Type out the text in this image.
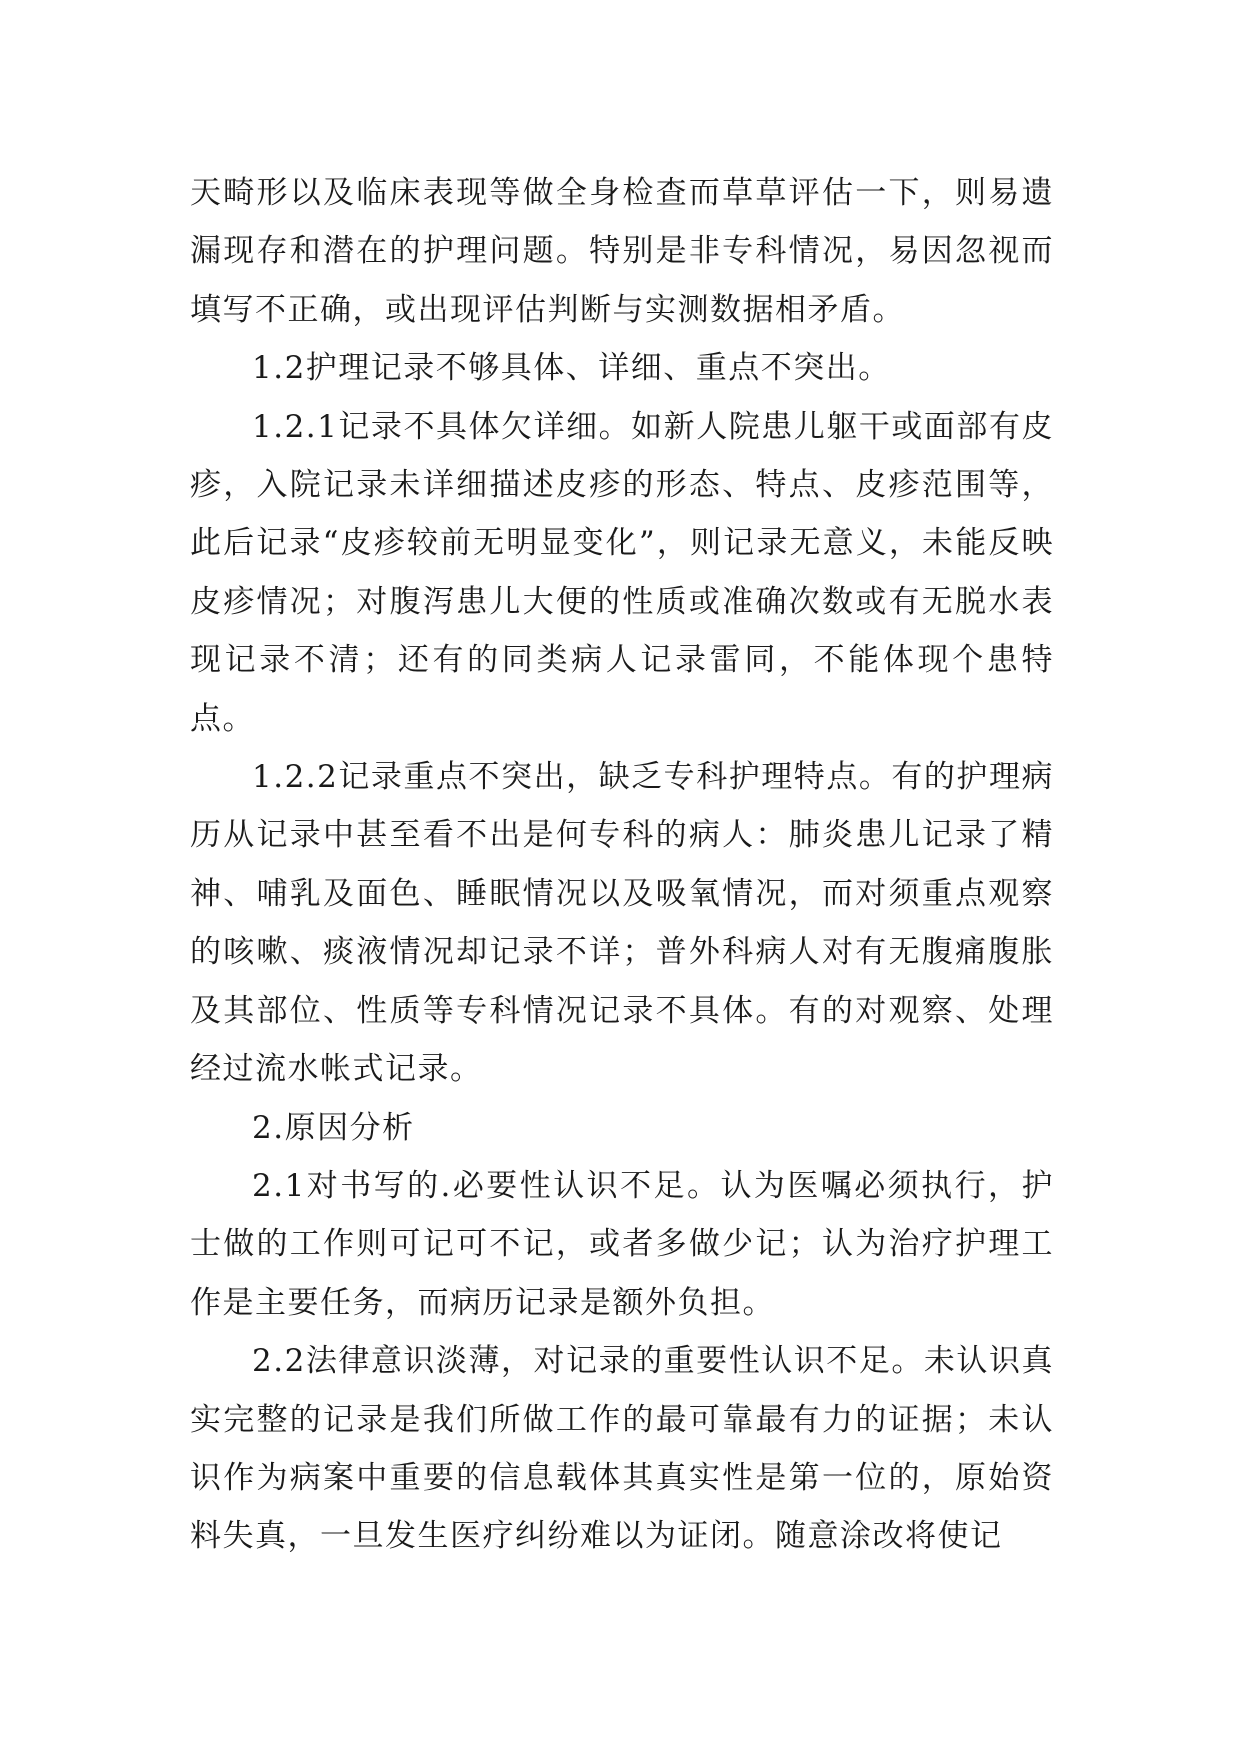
天畸形以及临床表现等做全身检查而草草评估一下，则易遗漏现存和潜在的护理问题。特别是非专科情况，易因忽视而填写不正确，或出现评估判断与实测数据相矛盾。

1.2护理记录不够具体、详细、重点不突出。

1.2.1记录不具体欠详细。如新人院患儿躯干或面部有皮疹，入院记录未详细描述皮疹的形态、特点、皮疹范围等，此后记录“皮疹较前无明显变化”，则记录无意义，未能反映皮疹情况；对腹泻患儿大便的性质或准确次数或有无脱水表现记录不清；还有的同类病人记录雷同，不能体现个患特点。

1.2.2记录重点不突出，缺乏专科护理特点。有的护理病历从记录中甚至看不出是何专科的病人：肺炎患儿记录了精神、哺乳及面色、睡眠情况以及吸氧情况，而对须重点观察的咳嗽、痰液情况却记录不详；普外科病人对有无腹痛腹胀及其部位、性质等专科情况记录不具体。有的对观察、处理经过流水帐式记录。

2.原因分析

2.1对书写的.必要性认识不足。认为医嘱必须执行，护士做的工作则可记可不记，或者多做少记；认为治疗护理工作是主要任务，而病历记录是额外负担。

2.2法律意识淡薄，对记录的重要性认识不足。未认识真实完整的记录是我们所做工作的最可靠最有力的证据；未认识作为病案中重要的信息载体其真实性是第一位的，原始资料失真，一旦发生医疗纠纷难以为证闭。随意涂改将使记
